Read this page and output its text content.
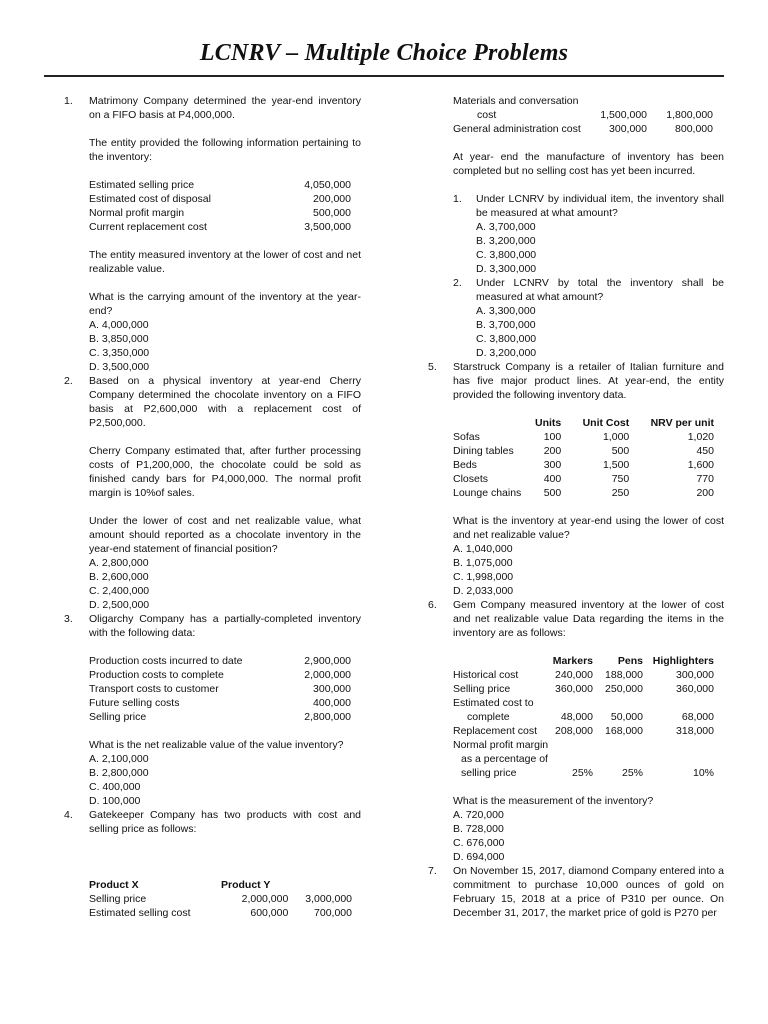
LCNRV – Multiple Choice Problems
1. Matrimony Company determined the year-end inventory on a FIFO basis at P4,000,000.

The entity provided the following information pertaining to the inventory:

Estimated selling price	4,050,000
Estimated cost of disposal	200,000
Normal profit margin	500,000
Current replacement cost	3,500,000

The entity measured inventory at the lower of cost and net realizable value.

What is the carrying amount of the inventory at the year-end?

A. 4,000,000
B. 3,850,000
C. 3,350,000
D. 3,500,000
2. Based on a physical inventory at year-end Cherry Company determined the chocolate inventory on a FIFO basis at P2,600,000 with a replacement cost of P2,500,000.

Cherry Company estimated that, after further processing costs of P1,200,000, the chocolate could be sold as finished candy bars for P4,000,000. The normal profit margin is 10%of sales.

Under the lower of cost and net realizable value, what amount should reported as a chocolate inventory in the year-end statement of financial position?

A. 2,800,000
B. 2,600,000
C. 2,400,000
D. 2,500,000
3. Oligarchy Company has a partially-completed inventory with the following data:

Production costs incurred to date	2,900,000
Production costs to complete	2,000,000
Transport costs to customer	300,000
Future selling costs	400,000
Selling price	2,800,000

What is the net realizable value of the value inventory?

A. 2,100,000
B. 2,800,000
C. 400,000
D. 100,000
4. Gatekeeper Company has two products with cost and selling price as follows:

Product X	Product Y	
Selling price	2,000,000	3,000,000
Estimated selling cost	600,000	700,000
Materials and conversation		
cost	1,500,000	1,800,000
General administration cost	300,000	800,000

At year- end the manufacture of inventory has been completed but no selling cost has yet been incurred.

1. Under LCNRV by individual item, the inventory shall be measured at what amount?

A. 3,700,000
B. 3,200,000
C. 3,800,000
D. 3,300,000
2. Under LCNRV by total the inventory shall be measured at what amount?

A. 3,300,000
B. 3,700,000
C. 3,800,000
D. 3,200,000
5. Starstruck Company is a retailer of Italian furniture and has five major product lines. At year-end, the entity provided the following inventory data.

	Units	Unit Cost	NRV per unit
Sofas	100	1,000	1,020
Dining tables	200	500	450
Beds	300	1,500	1,600
Closets	400	750	770
Lounge chains	500	250	200

What is the inventory at year-end using the lower of cost and net realizable value?

A. 1,040,000
B. 1,075,000
C. 1,998,000
D. 2,033,000
6. Gem Company measured inventory at the lower of cost and net realizable value Data regarding the items in the inventory are as follows:

	Markers	Pens	Highlighters
Historical cost	240,000	188,000	300,000
Selling price	360,000	250,000	360,000
Estimated cost to			
complete	48,000	50,000	68,000
Replacement cost	208,000	168,000	318,000
Normal profit margin			
as a percentage of			
selling price	25%	25%	10%

What is the measurement of the inventory?

A. 720,000
B. 728,000
C. 676,000
D. 694,000
7. On November 15, 2017, diamond Company entered into a commitment to purchase 10,000 ounces of gold on February 15, 2018 at a price of P310 per ounce. On December 31, 2017, the market price of gold is P270 per
